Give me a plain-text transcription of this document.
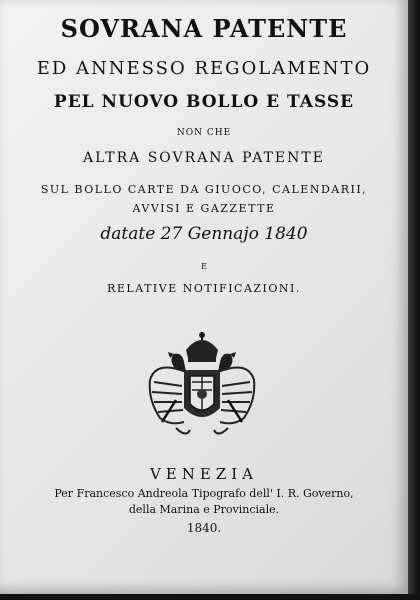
SOVRANA PATENTE
ED ANNESSO REGOLAMENTO
PEL NUOVO BOLLO E TASSE
NON CHE
ALTRA SOVRANA PATENTE
SUL BOLLO CARTE DA GIUOCO, CALENDARII,
AVVISI E GAZZETTE
datate 27 Gennajo 1840
E
RELATIVE NOTIFICAZIONI.
VENEZIA
Per Francesco Andreola Tipografo dell' I. R. Governo,
della Marina e Provinciale.
1840.
